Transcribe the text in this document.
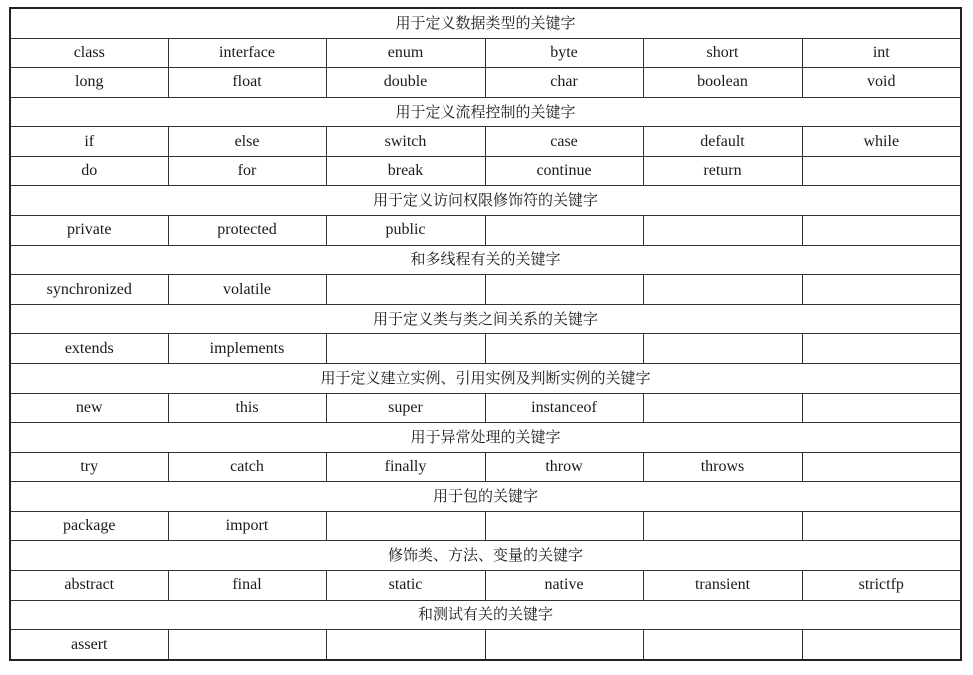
用于定义数据类型的关键字					
class	interface	enum	byte	short	int
long	float	double	char	boolean	void
用于定义流程控制的关键字					
if	else	switch	case	default	while
do	for	break	continue	return	
用于定义访问权限修饰符的关键字					
private	protected	public			
和多线程有关的关键字					
synchronized	volatile				
用于定义类与类之间关系的关键字					
extends	implements				
用于定义建立实例、引用实例及判断实例的关键字					
new	this	super	instanceof		
用于异常处理的关键字					
try	catch	finally	throw	throws	
用于包的关键字					
package	import				
修饰类、方法、变量的关键字					
abstract	final	static	native	transient	strictfp
和测试有关的关键字					
assert					
